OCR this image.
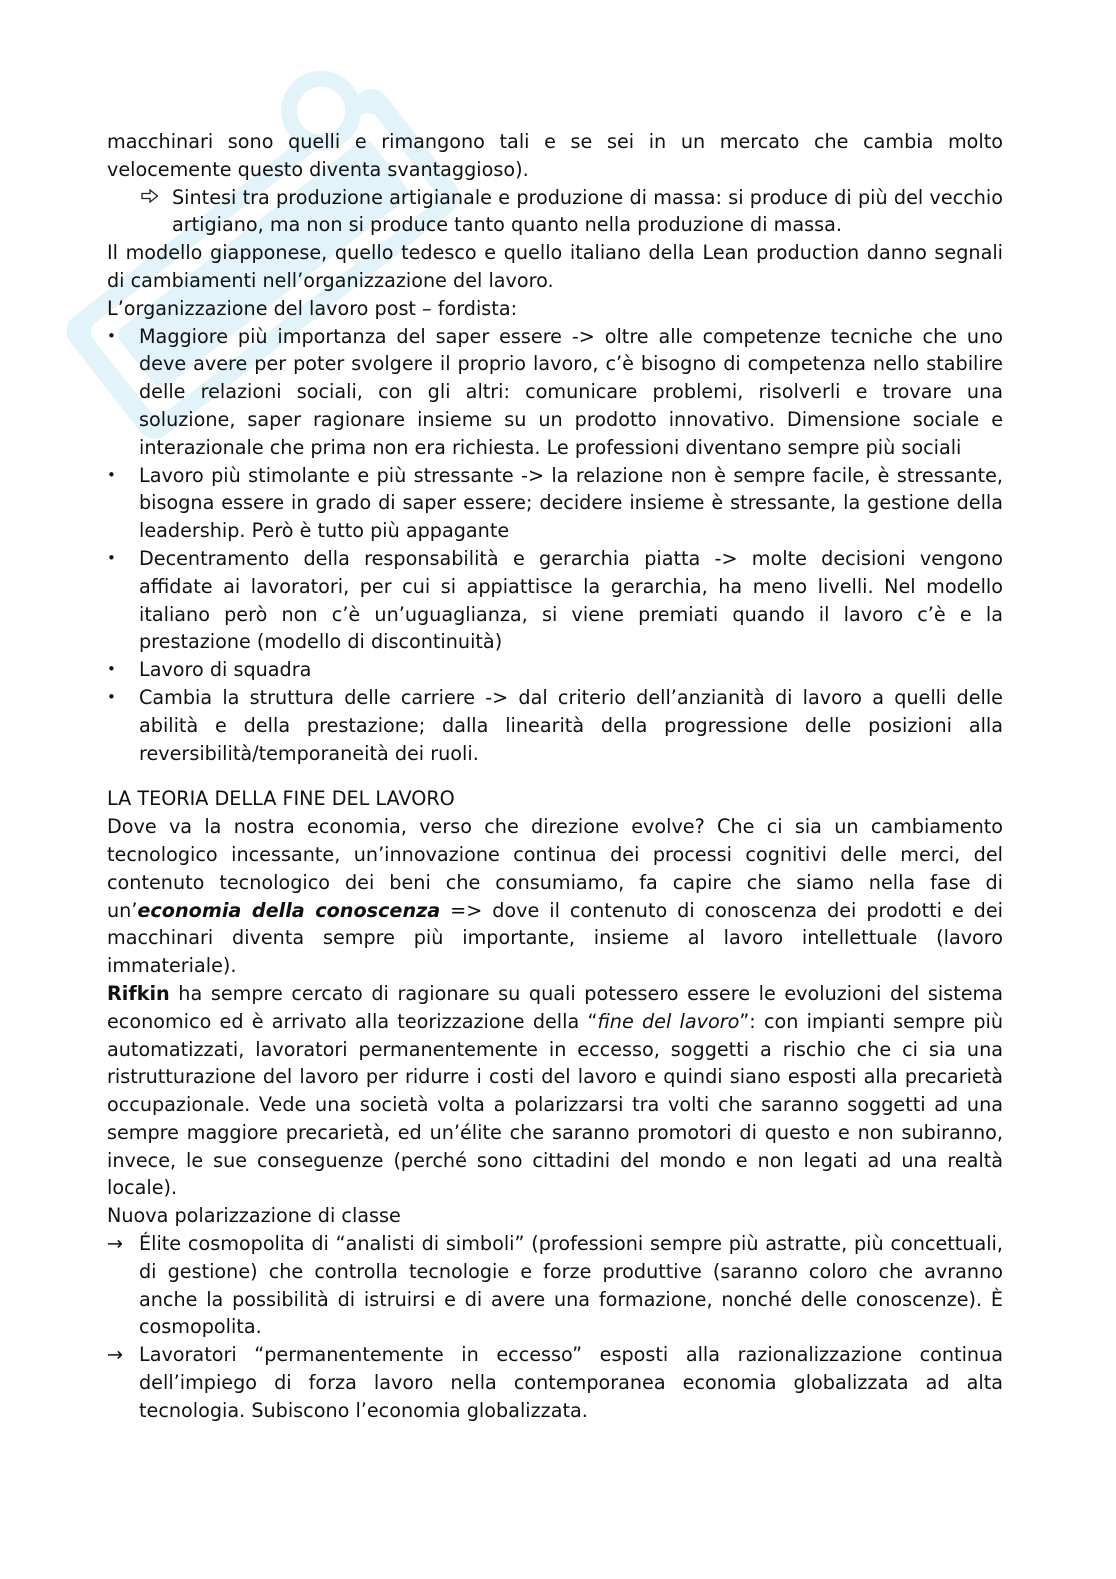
macchinari sono quelli e rimangono tali e se sei in un mercato che cambia molto velocemente questo diventa svantaggioso).

Sintesi tra produzione artigianale e produzione di massa: si produce di più del vecchio artigiano, ma non si produce tanto quanto nella produzione di massa.

Il modello giapponese, quello tedesco e quello italiano della Lean production danno segnali di cambiamenti nell’organizzazione del lavoro.

L’organizzazione del lavoro post – fordista:

•	Maggiore più importanza del saper essere -> oltre alle competenze tecniche che uno deve avere per poter svolgere il proprio lavoro, c’è bisogno di competenza nello stabilire delle relazioni sociali, con gli altri: comunicare problemi, risolverli e trovare una soluzione, saper ragionare insieme su un prodotto innovativo. Dimensione sociale e interazionale che prima non era richiesta. Le professioni diventano sempre più sociali
•	Lavoro più stimolante e più stressante -> la relazione non è sempre facile, è stressante, bisogna essere in grado di saper essere; decidere insieme è stressante, la gestione della leadership. Però è tutto più appagante
•	Decentramento della responsabilità e gerarchia piatta -> molte decisioni vengono affidate ai lavoratori, per cui si appiattisce la gerarchia, ha meno livelli. Nel modello italiano però non c’è un’uguaglianza, si viene premiati quando il lavoro c’è e la prestazione (modello di discontinuità)
•	Lavoro di squadra
•	Cambia la struttura delle carriere -> dal criterio dell’anzianità di lavoro a quelli delle abilità e della prestazione; dalla linearità della progressione delle posizioni alla reversibilità/temporaneità dei ruoli.

LA TEORIA DELLA FINE DEL LAVORO

Dove va la nostra economia, verso che direzione evolve? Che ci sia un cambiamento tecnologico incessante, un’innovazione continua dei processi cognitivi delle merci, del contenuto tecnologico dei beni che consumiamo, fa capire che siamo nella fase di un’economia della conoscenza => dove il contenuto di conoscenza dei prodotti e dei macchinari diventa sempre più importante, insieme al lavoro intellettuale (lavoro immateriale).

Rifkin ha sempre cercato di ragionare su quali potessero essere le evoluzioni del sistema economico ed è arrivato alla teorizzazione della “fine del lavoro”: con impianti sempre più automatizzati, lavoratori permanentemente in eccesso, soggetti a rischio che ci sia una ristrutturazione del lavoro per ridurre i costi del lavoro e quindi siano esposti alla precarietà occupazionale. Vede una società volta a polarizzarsi tra volti che saranno soggetti ad una sempre maggiore precarietà, ed un’élite che saranno promotori di questo e non subiranno, invece, le sue conseguenze (perché sono cittadini del mondo e non legati ad una realtà locale).

Nuova polarizzazione di classe

→ Élite cosmopolita di “analisti di simboli” (professioni sempre più astratte, più concettuali, di gestione) che controlla tecnologie e forze produttive (saranno coloro che avranno anche la possibilità di istruirsi e di avere una formazione, nonché delle conoscenze). È cosmopolita.
→ Lavoratori “permanentemente in eccesso” esposti alla razionalizzazione continua dell’impiego di forza lavoro nella contemporanea economia globalizzata ad alta tecnologia. Subiscono l’economia globalizzata.
